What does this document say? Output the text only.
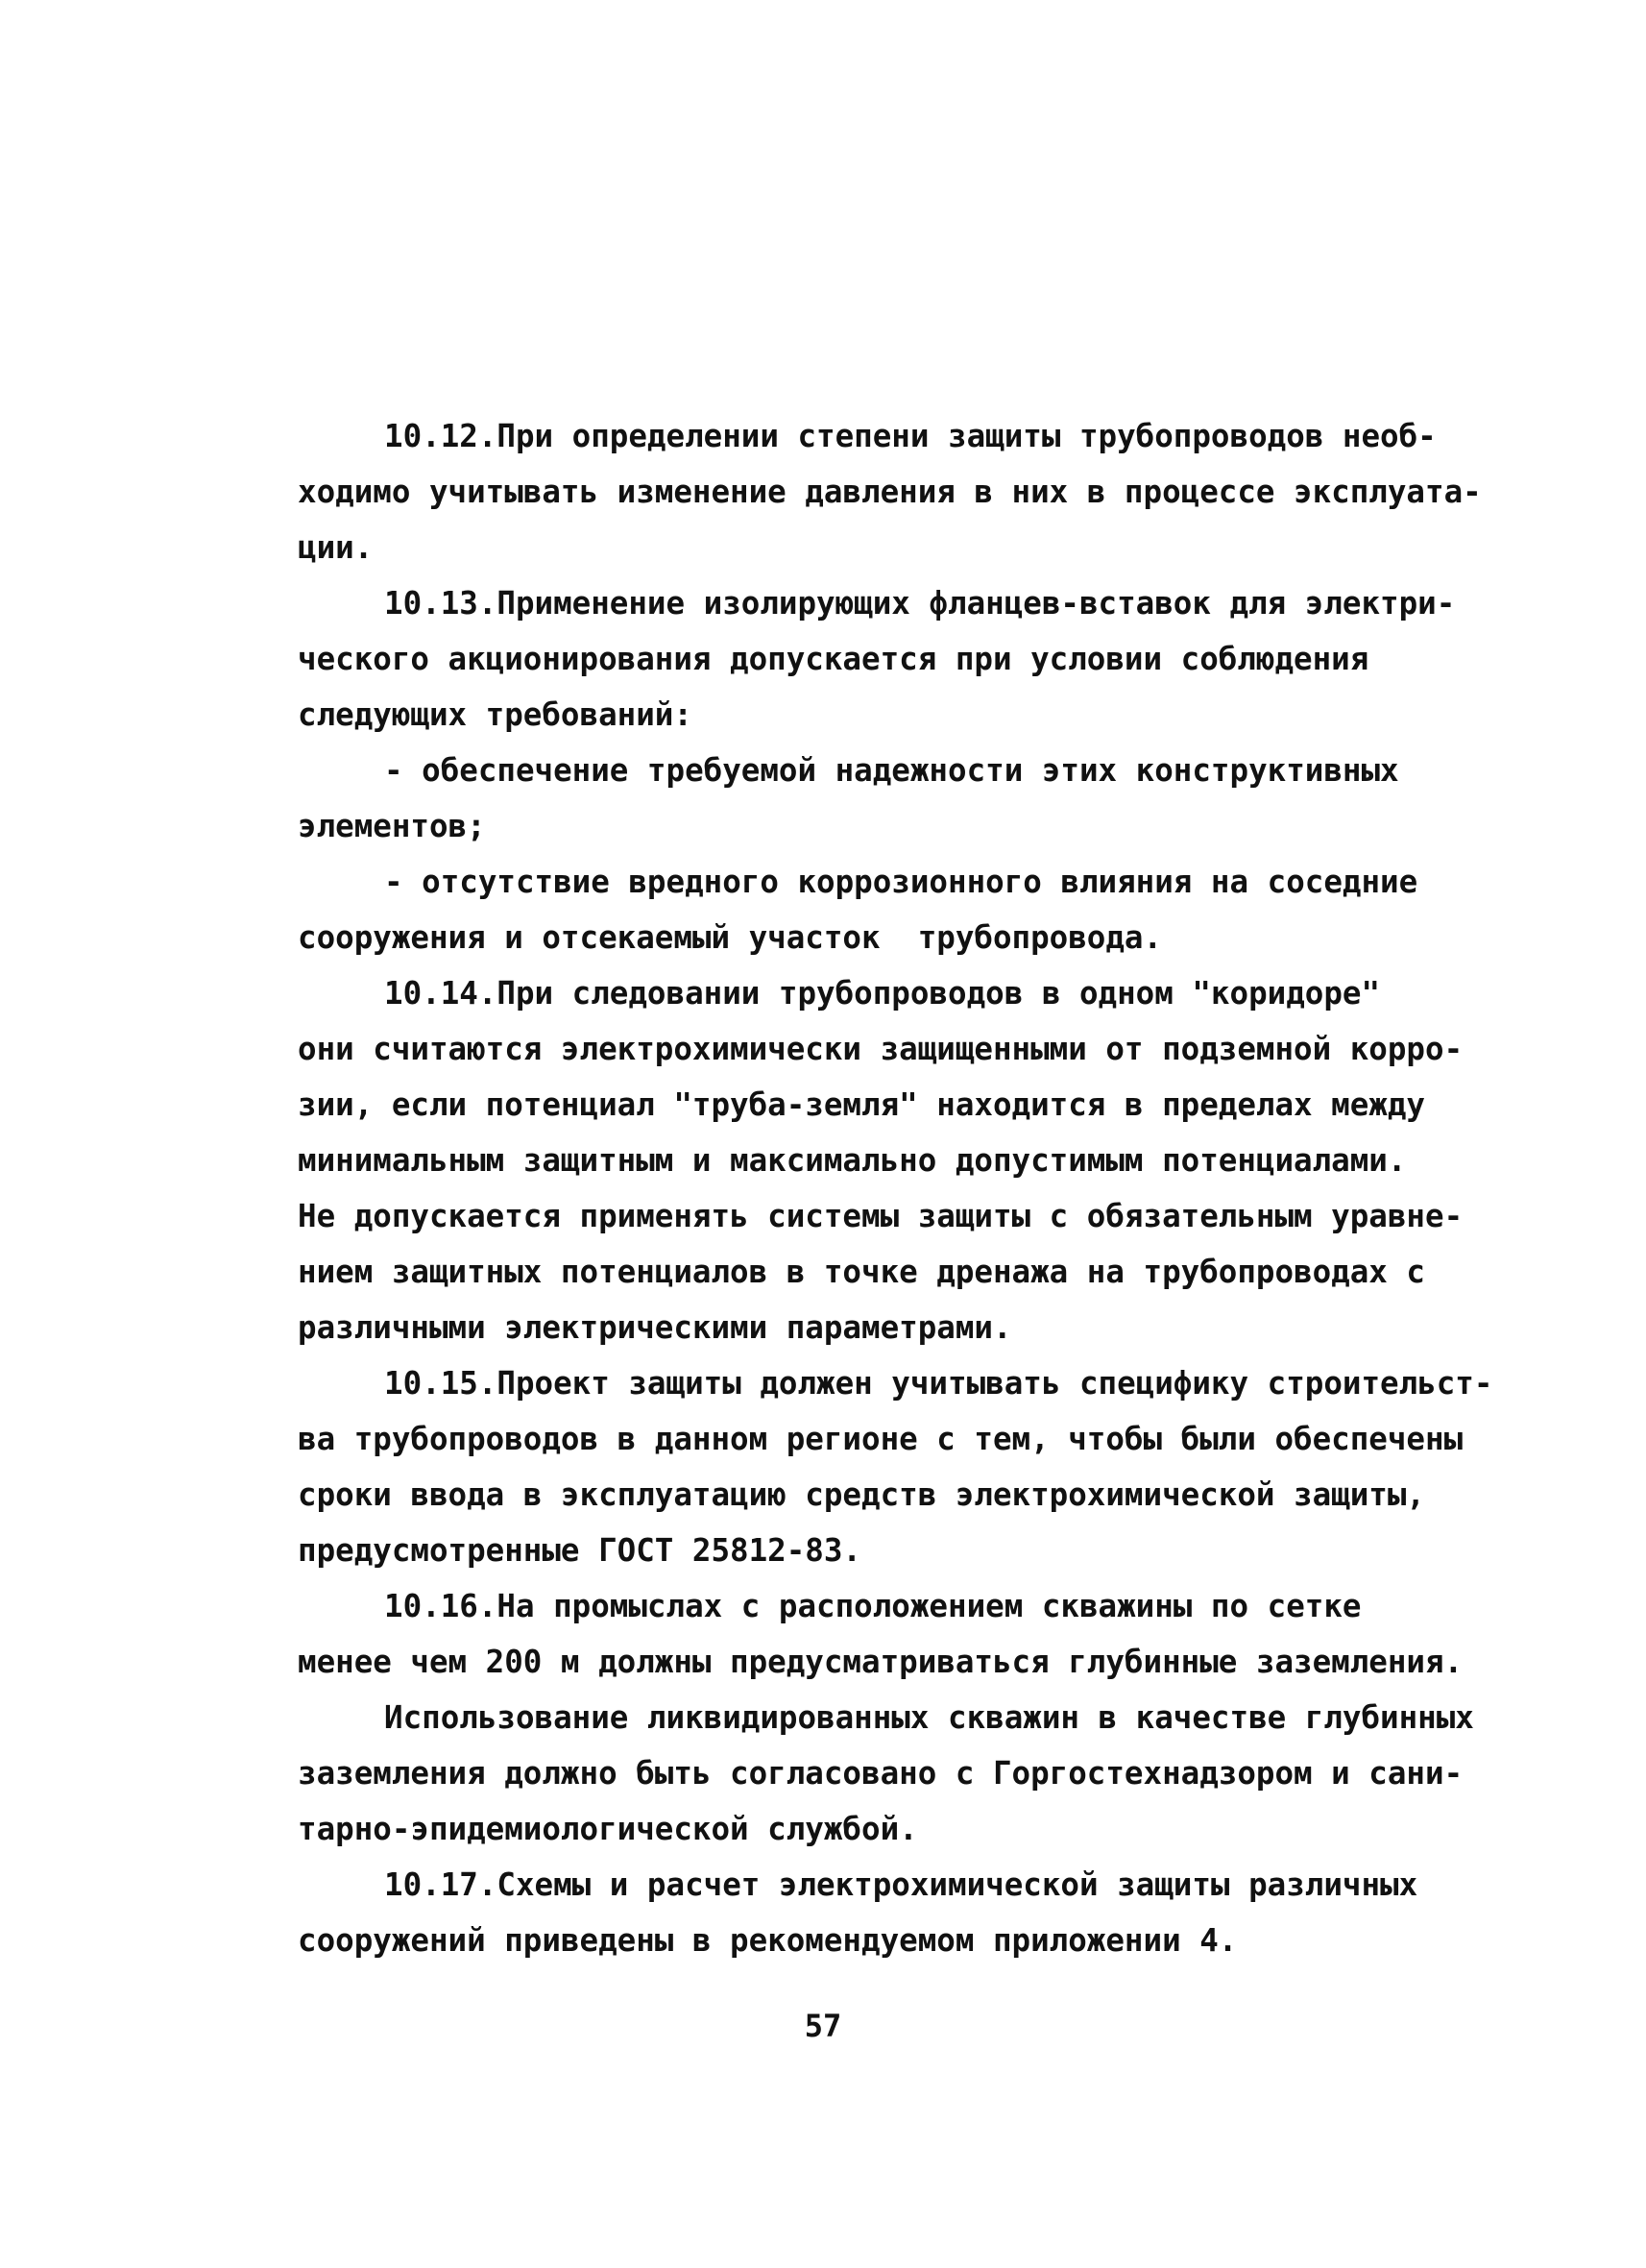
10.12.При определении степени защиты трубопроводов необ-
ходимо учитывать изменение давления в них в процессе эксплуата-
ции.
10.13.Применение изолирующих фланцев-вставок для электри-
ческого акционирования допускается при условии соблюдения
следующих требований:
- обеспечение требуемой надежности этих конструктивных
элементов;
- отсутствие вредного коррозионного влияния на соседние
сооружения и отсекаемый участок  трубопровода.
10.14.При следовании трубопроводов в одном "коридоре"
они считаются электрохимически защищенными от подземной корро-
зии, если потенциал "труба-земля" находится в пределах между
минимальным защитным и максимально допустимым потенциалами.
Не допускается применять системы защиты с обязательным уравне-
нием защитных потенциалов в точке дренажа на трубопроводах с
различными электрическими параметрами.
10.15.Проект защиты должен учитывать специфику строительст-
ва трубопроводов в данном регионе с тем, чтобы были обеспечены
сроки ввода в эксплуатацию средств электрохимической защиты,
предусмотренные ГОСТ 25812-83.
10.16.На промыслах с расположением скважины по сетке
менее чем 200 м должны предусматриваться глубинные заземления.
Использование ликвидированных скважин в качестве глубинных
заземления должно быть согласовано с Горгостехнадзором и сани-
тарно-эпидемиологической службой.
10.17.Схемы и расчет электрохимической защиты различных
сооружений приведены в рекомендуемом приложении 4.
57
